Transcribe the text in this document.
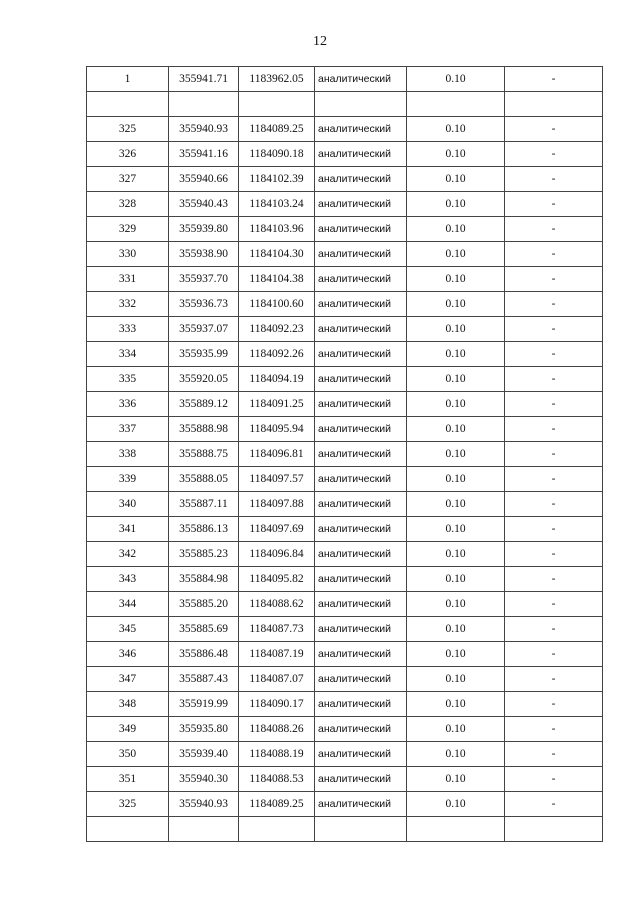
12
1	355941.71	1183962.05	аналитический	0.10	-

325	355940.93	1184089.25	аналитический	0.10	-
326	355941.16	1184090.18	аналитический	0.10	-
327	355940.66	1184102.39	аналитический	0.10	-
328	355940.43	1184103.24	аналитический	0.10	-
329	355939.80	1184103.96	аналитический	0.10	-
330	355938.90	1184104.30	аналитический	0.10	-
331	355937.70	1184104.38	аналитический	0.10	-
332	355936.73	1184100.60	аналитический	0.10	-
333	355937.07	1184092.23	аналитический	0.10	-
334	355935.99	1184092.26	аналитический	0.10	-
335	355920.05	1184094.19	аналитический	0.10	-
336	355889.12	1184091.25	аналитический	0.10	-
337	355888.98	1184095.94	аналитический	0.10	-
338	355888.75	1184096.81	аналитический	0.10	-
339	355888.05	1184097.57	аналитический	0.10	-
340	355887.11	1184097.88	аналитический	0.10	-
341	355886.13	1184097.69	аналитический	0.10	-
342	355885.23	1184096.84	аналитический	0.10	-
343	355884.98	1184095.82	аналитический	0.10	-
344	355885.20	1184088.62	аналитический	0.10	-
345	355885.69	1184087.73	аналитический	0.10	-
346	355886.48	1184087.19	аналитический	0.10	-
347	355887.43	1184087.07	аналитический	0.10	-
348	355919.99	1184090.17	аналитический	0.10	-
349	355935.80	1184088.26	аналитический	0.10	-
350	355939.40	1184088.19	аналитический	0.10	-
351	355940.30	1184088.53	аналитический	0.10	-
325	355940.93	1184089.25	аналитический	0.10	-
